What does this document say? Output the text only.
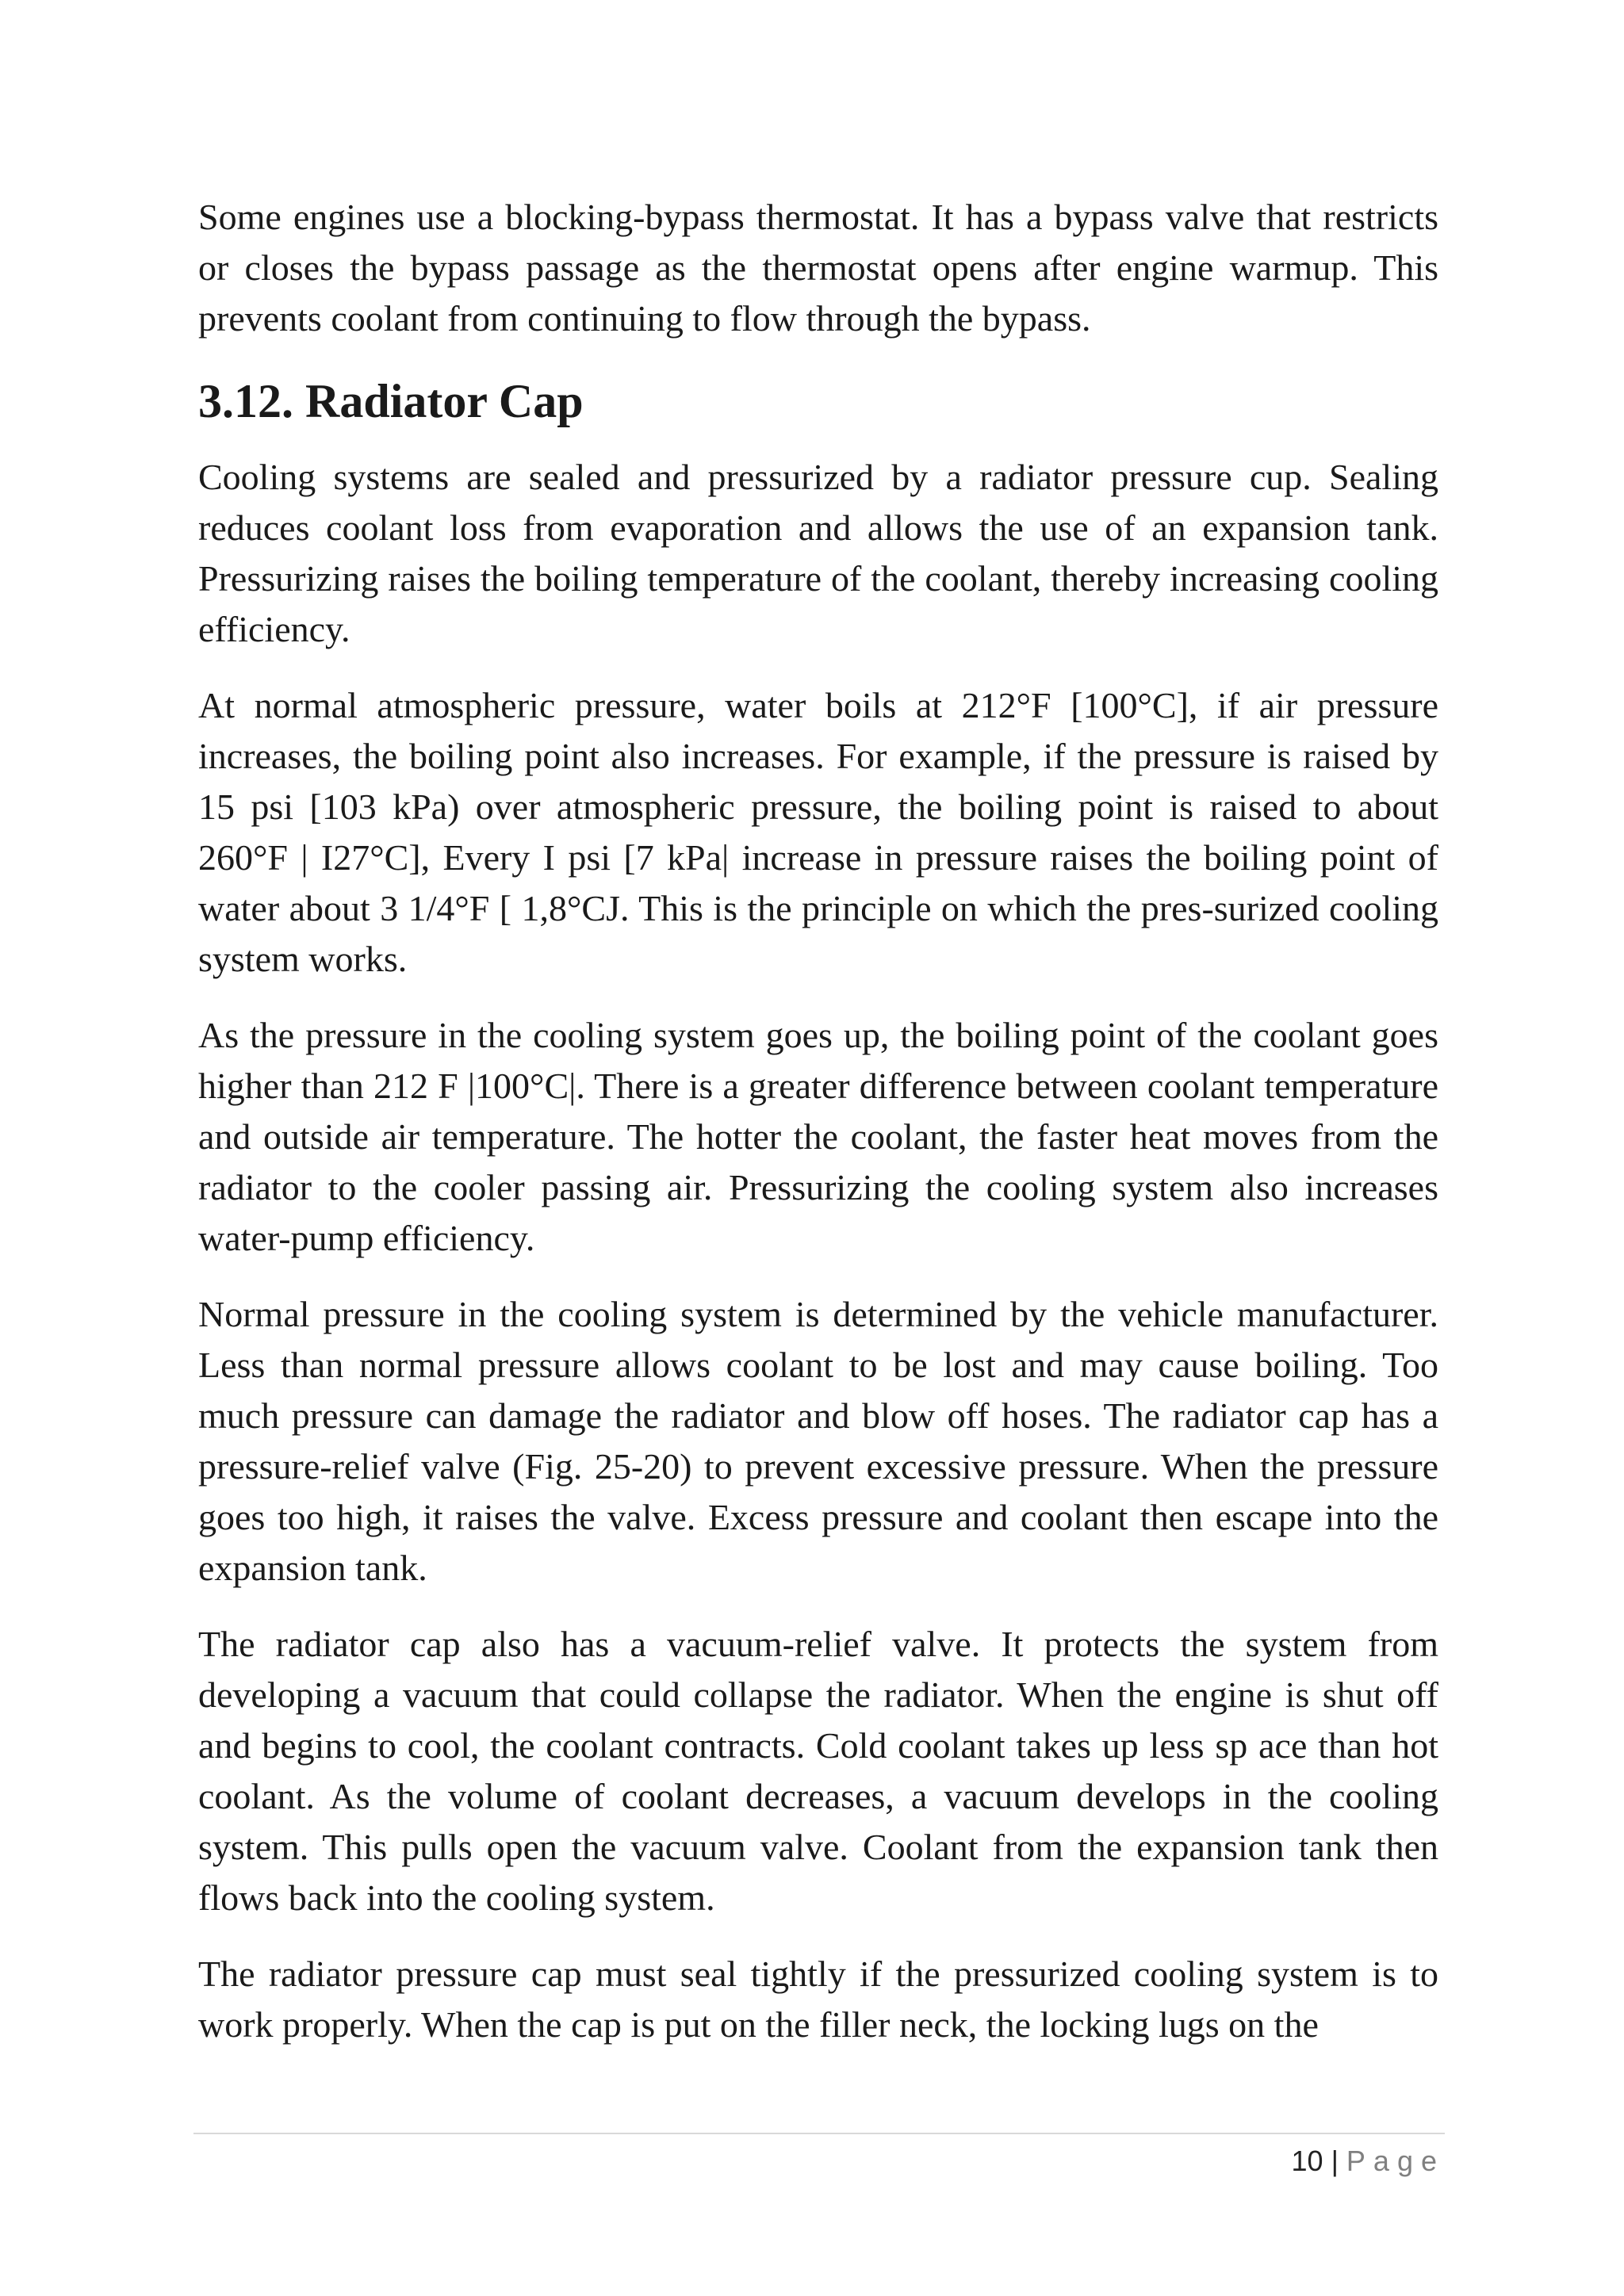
Some engines use a blocking-bypass thermostat. It has a bypass valve that restricts or closes the bypass passage as the thermostat opens after engine warmup. This prevents coolant from continuing to flow through the bypass.

3.12. Radiator Cap

Cooling systems are sealed and pressurized by a radiator pressure cup. Sealing reduces coolant loss from evaporation and allows the use of an expansion tank. Pressurizing raises the boiling temperature of the coolant, thereby increasing cooling efficiency.

At normal atmospheric pressure, water boils at 212°F [100°C], if air pressure increases, the boiling point also increases. For example, if the pressure is raised by 15 psi [103 kPa) over atmospheric pressure, the boiling point is raised to about 260°F | I27°C], Every I psi [7 kPa| increase in pressure raises the boiling point of water about 3 1/4°F [ 1,8°CJ. This is the principle on which the pres-surized cooling system works.

As the pressure in the cooling system goes up, the boiling point of the coolant goes higher than 212 F |100°C|. There is a greater difference between coolant temperature and outside air temperature. The hotter the coolant, the faster heat moves from the radiator to the cooler passing air. Pressurizing the cooling system also increases water-pump efficiency.

Normal pressure in the cooling system is determined by the vehicle manufacturer. Less than normal pressure allows coolant to be lost and may cause boiling. Too much pressure can damage the radiator and blow off hoses. The radiator cap has a pressure-relief valve (Fig. 25-20) to prevent excessive pressure. When the pressure goes too high, it raises the valve. Excess pressure and coolant then escape into the expansion tank.

The radiator cap also has a vacuum-relief valve. It protects the system from developing a vacuum that could collapse the radiator. When the engine is shut off and begins to cool, the coolant contracts. Cold coolant takes up less sp ace than hot coolant. As the volume of coolant decreases, a vacuum develops in the cooling system. This pulls open the vacuum valve. Coolant from the expansion tank then flows back into the cooling system.

The radiator pressure cap must seal tightly if the pressurized cooling system is to work properly. When the cap is put on the filler neck, the locking lugs on the

10 | Page
